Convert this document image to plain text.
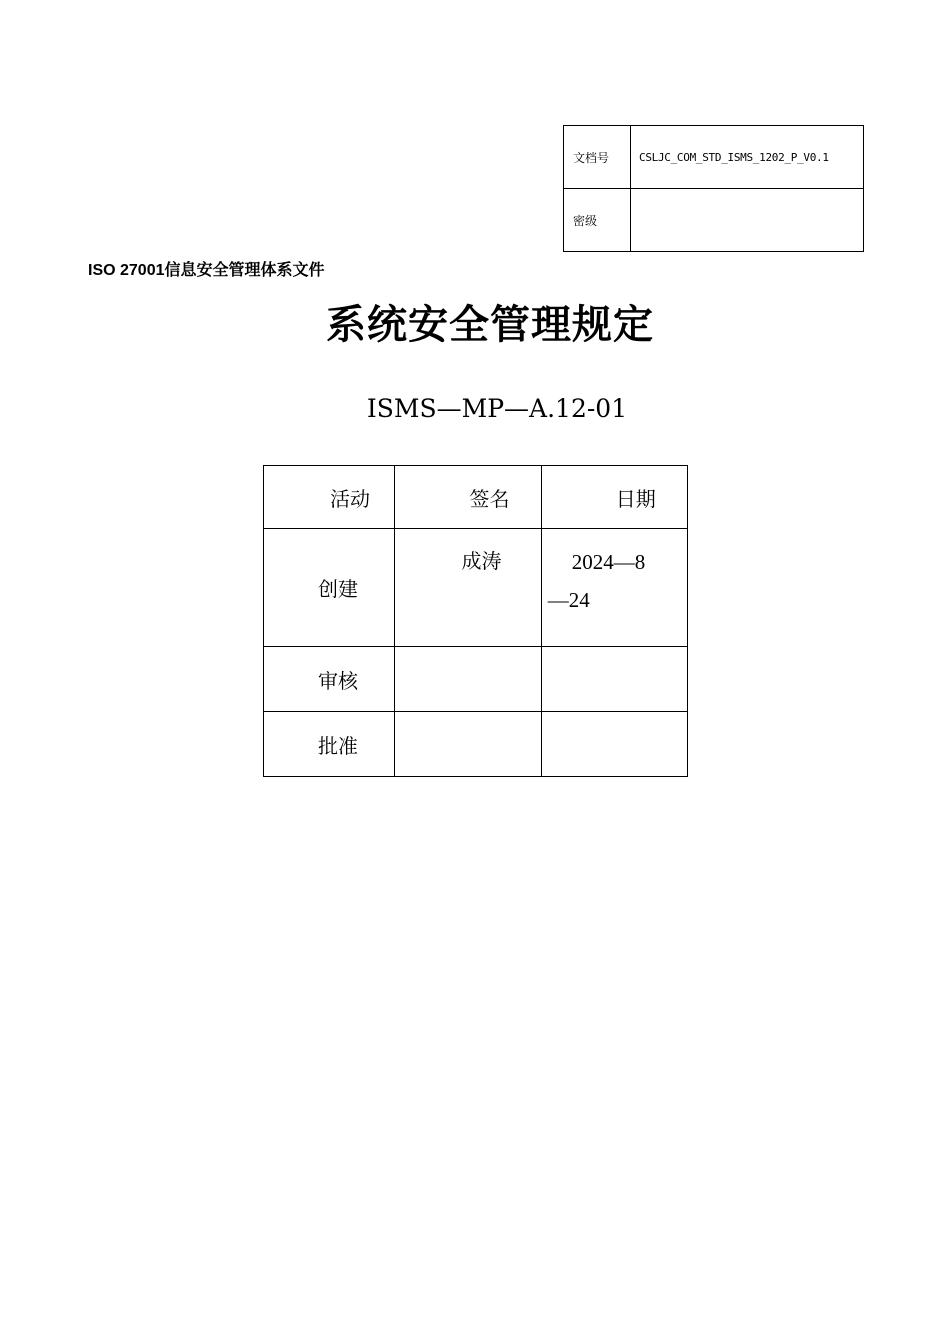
文档号	CSLJC_COM_STD_ISMS_1202_P_V0.1
密级	
ISO 27001信息安全管理体系文件
系统安全管理规定
ISMS—MP—A.12-01
活动	签名	日期
创建	成涛	2024—8
—24

审核		
批准		
